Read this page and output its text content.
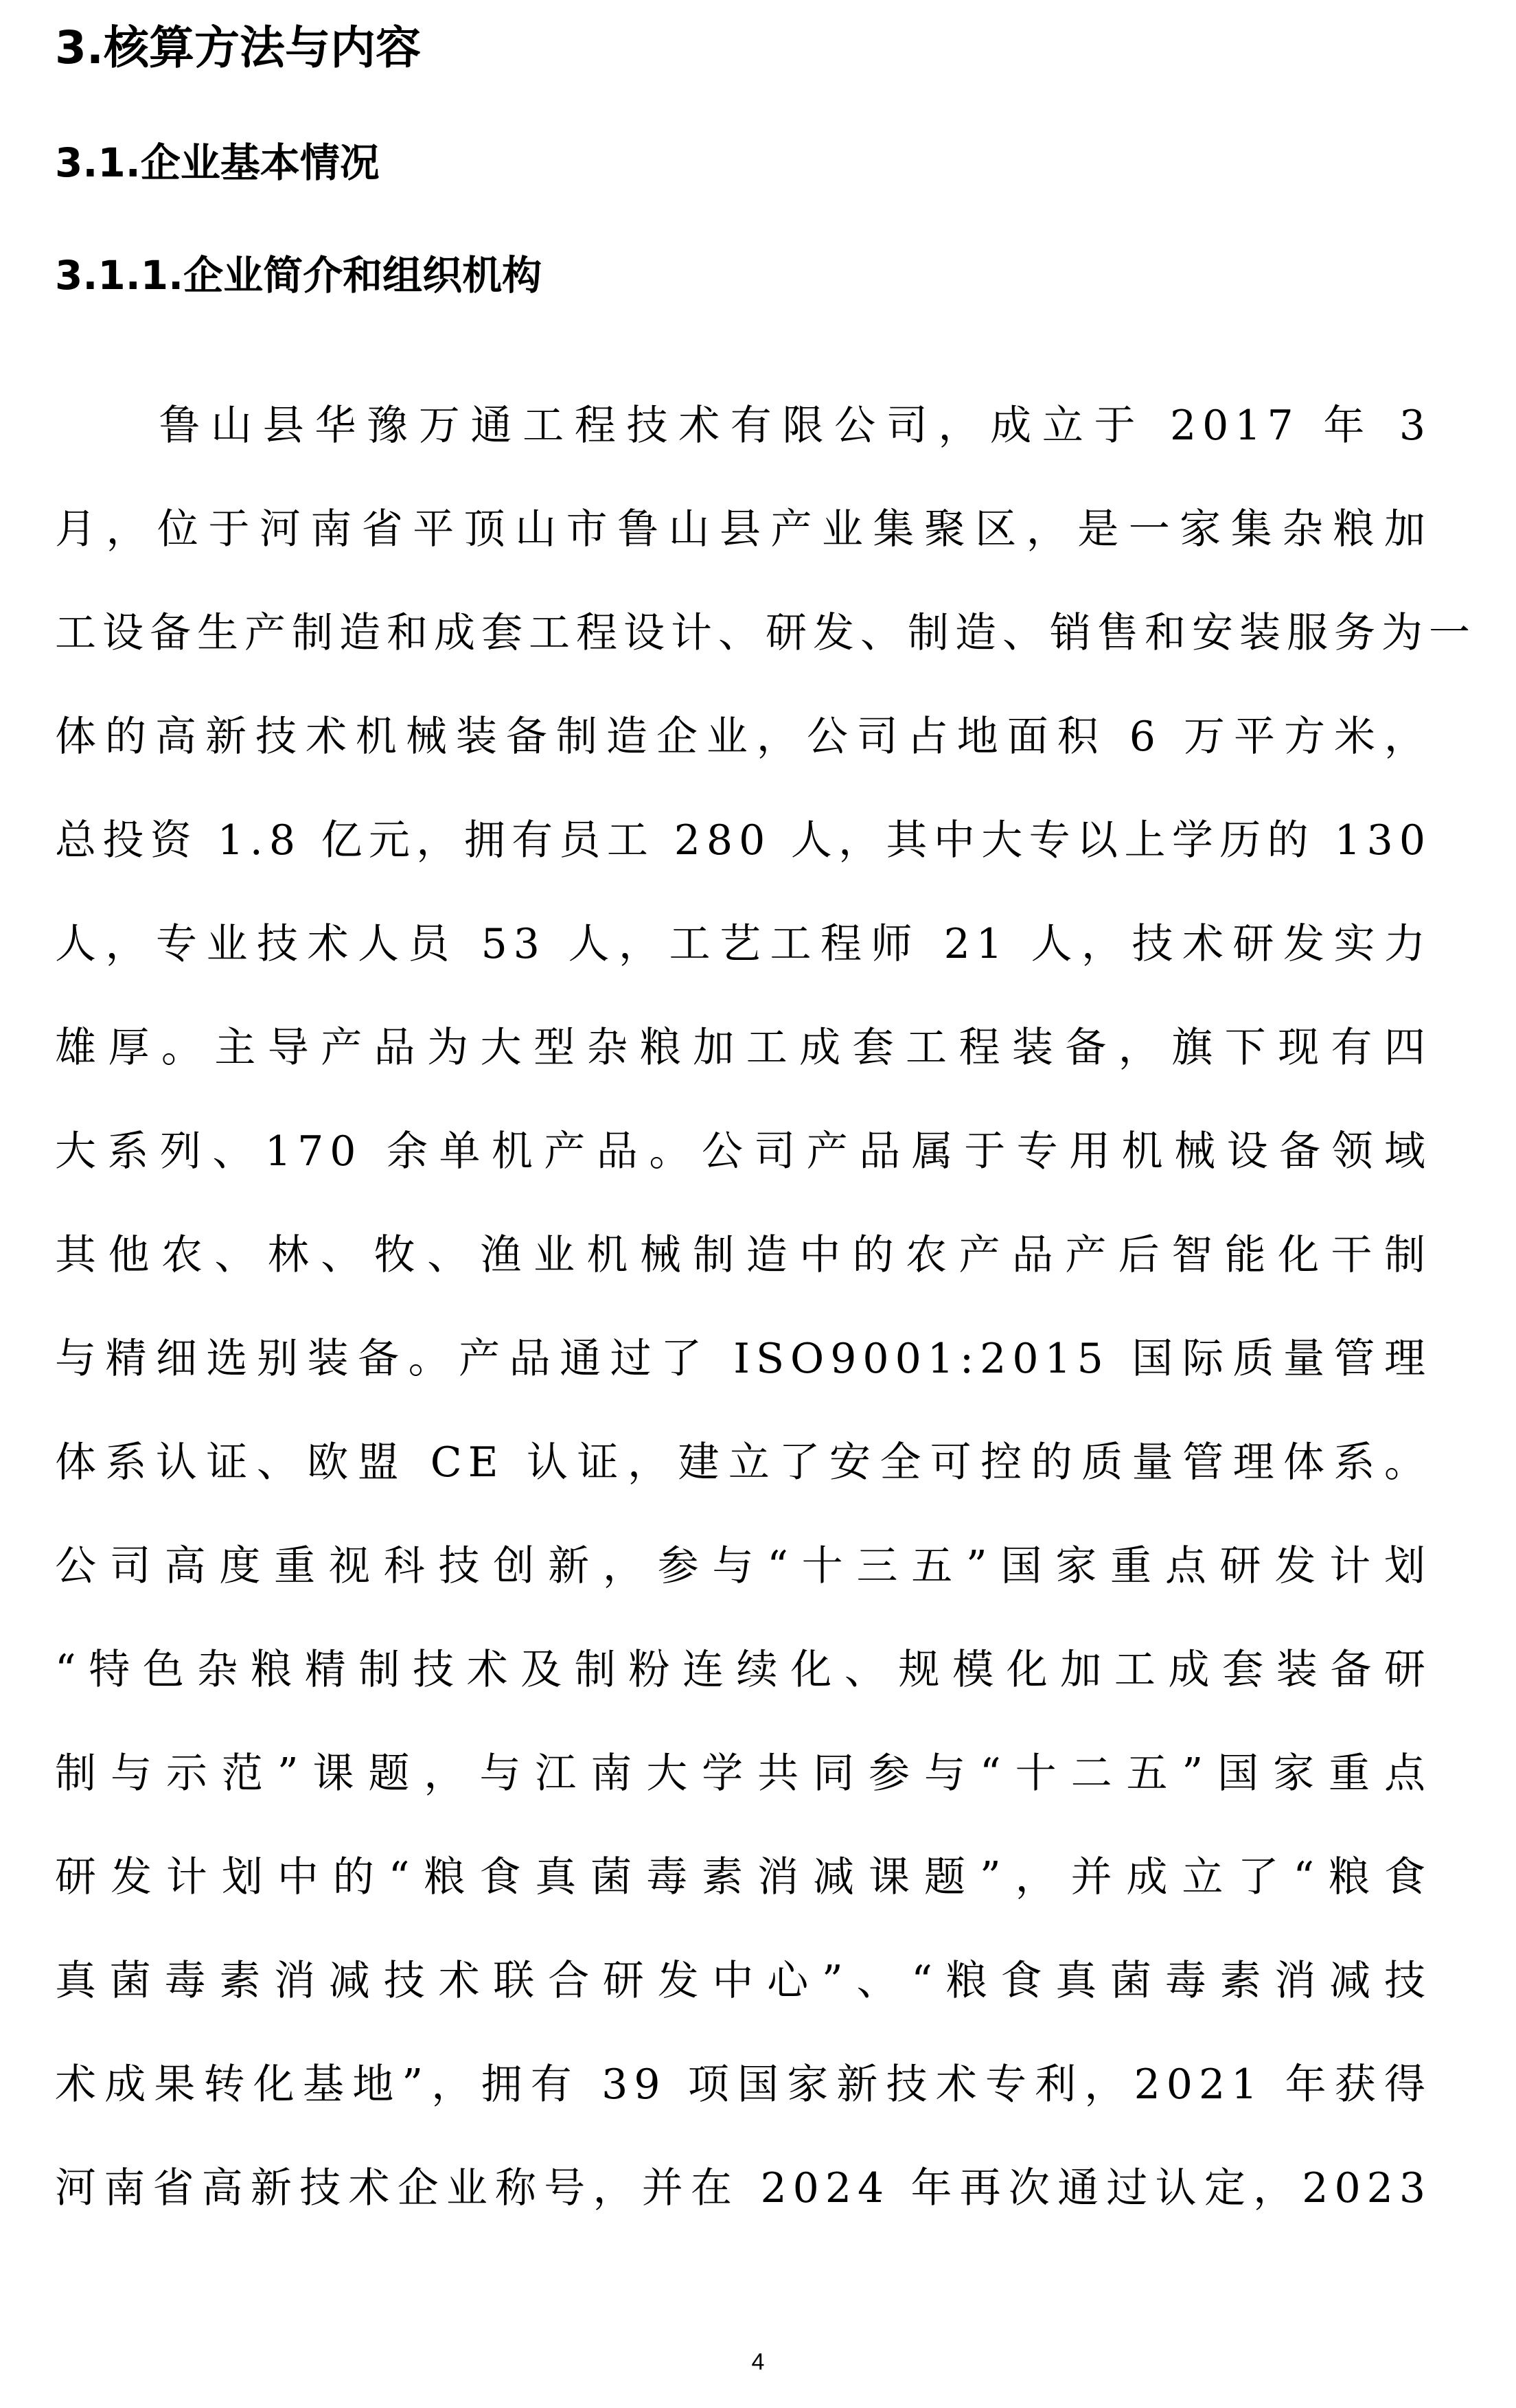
3.核算方法与内容
3.1.企业基本情况
3.1.1.企业简介和组织机构
　　鲁山县华豫万通工程技术有限公司，成立于 2017 年 3
月，位于河南省平顶山市鲁山县产业集聚区，是一家集杂粮加
工设备生产制造和成套工程设计、研发、制造、销售和安装服务为一
体的高新技术机械装备制造企业，公司占地面积 6 万平方米，
总投资 1.8 亿元，拥有员工 280 人，其中大专以上学历的 130
人，专业技术人员 53 人，工艺工程师 21 人，技术研发实力
雄厚。主导产品为大型杂粮加工成套工程装备，旗下现有四
大系列、170 余单机产品。公司产品属于专用机械设备领域
其他农、林、牧、渔业机械制造中的农产品产后智能化干制
与精细选别装备。产品通过了 ISO9001:2015 国际质量管理
体系认证、欧盟 CE 认证，建立了安全可控的质量管理体系。
公司高度重视科技创新，参与“十三五”国家重点研发计划
“特色杂粮精制技术及制粉连续化、规模化加工成套装备研
制与示范”课题，与江南大学共同参与“十二五”国家重点
研发计划中的“粮食真菌毒素消减课题”，并成立了“粮食
真菌毒素消减技术联合研发中心”、“粮食真菌毒素消减技
术成果转化基地”，拥有 39 项国家新技术专利，2021 年获得
河南省高新技术企业称号，并在 2024 年再次通过认定，2023
4
